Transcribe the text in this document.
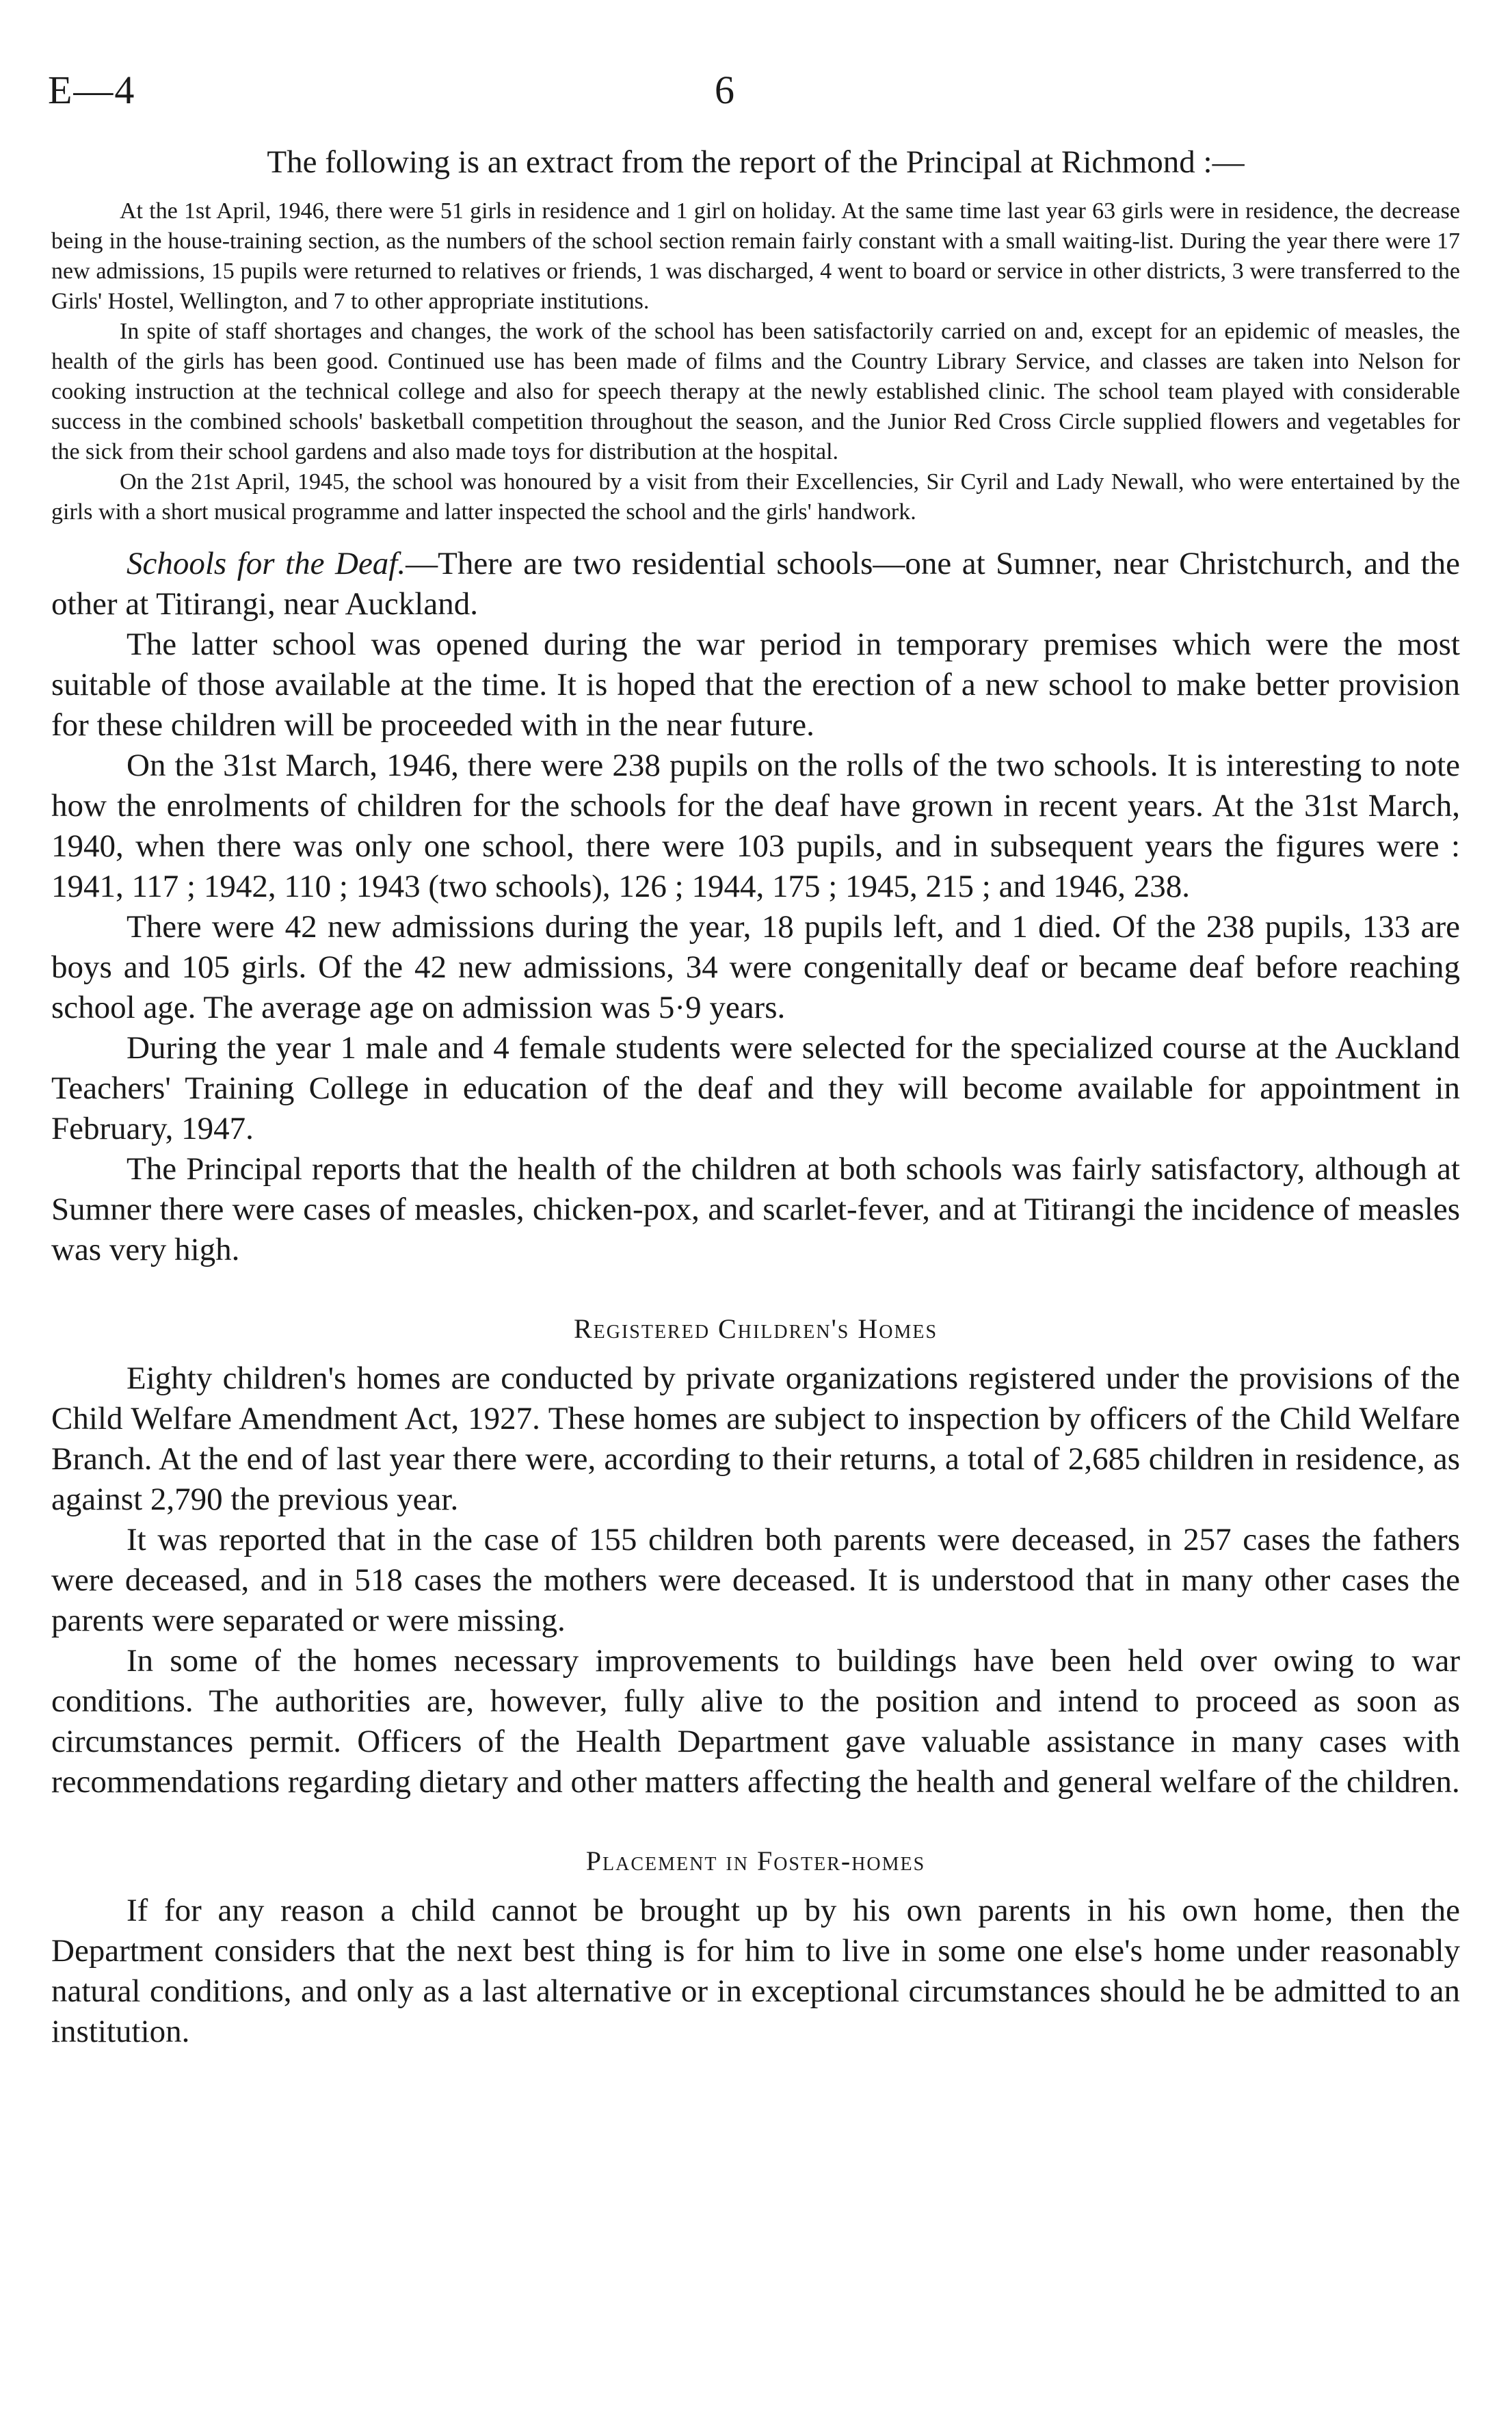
E—4	6

The following is an extract from the report of the Principal at Richmond :—

At the 1st April, 1946, there were 51 girls in residence and 1 girl on holiday. At the same time last year 63 girls were in residence, the decrease being in the house-training section, as the numbers of the school section remain fairly constant with a small waiting-list. During the year there were 17 new admissions, 15 pupils were returned to relatives or friends, 1 was discharged, 4 went to board or service in other districts, 3 were transferred to the Girls' Hostel, Wellington, and 7 to other appropriate institutions.

In spite of staff shortages and changes, the work of the school has been satisfactorily carried on and, except for an epidemic of measles, the health of the girls has been good. Continued use has been made of films and the Country Library Service, and classes are taken into Nelson for cooking instruction at the technical college and also for speech therapy at the newly established clinic. The school team played with considerable success in the combined schools' basketball competition throughout the season, and the Junior Red Cross Circle supplied flowers and vegetables for the sick from their school gardens and also made toys for distribution at the hospital.

On the 21st April, 1945, the school was honoured by a visit from their Excellencies, Sir Cyril and Lady Newall, who were entertained by the girls with a short musical programme and latter inspected the school and the girls' handwork.

Schools for the Deaf.—There are two residential schools—one at Sumner, near Christchurch, and the other at Titirangi, near Auckland.

The latter school was opened during the war period in temporary premises which were the most suitable of those available at the time. It is hoped that the erection of a new school to make better provision for these children will be proceeded with in the near future.

On the 31st March, 1946, there were 238 pupils on the rolls of the two schools. It is interesting to note how the enrolments of children for the schools for the deaf have grown in recent years. At the 31st March, 1940, when there was only one school, there were 103 pupils, and in subsequent years the figures were : 1941, 117 ; 1942, 110 ; 1943 (two schools), 126 ; 1944, 175 ; 1945, 215 ; and 1946, 238.

There were 42 new admissions during the year, 18 pupils left, and 1 died. Of the 238 pupils, 133 are boys and 105 girls. Of the 42 new admissions, 34 were congenitally deaf or became deaf before reaching school age. The average age on admission was 5·9 years.

During the year 1 male and 4 female students were selected for the specialized course at the Auckland Teachers' Training College in education of the deaf and they will become available for appointment in February, 1947.

The Principal reports that the health of the children at both schools was fairly satisfactory, although at Sumner there were cases of measles, chicken-pox, and scarlet-fever, and at Titirangi the incidence of measles was very high.

Registered Children's Homes

Eighty children's homes are conducted by private organizations registered under the provisions of the Child Welfare Amendment Act, 1927. These homes are subject to inspection by officers of the Child Welfare Branch. At the end of last year there were, according to their returns, a total of 2,685 children in residence, as against 2,790 the previous year.

It was reported that in the case of 155 children both parents were deceased, in 257 cases the fathers were deceased, and in 518 cases the mothers were deceased. It is understood that in many other cases the parents were separated or were missing.

In some of the homes necessary improvements to buildings have been held over owing to war conditions. The authorities are, however, fully alive to the position and intend to proceed as soon as circumstances permit. Officers of the Health Department gave valuable assistance in many cases with recommendations regarding dietary and other matters affecting the health and general welfare of the children.

Placement in Foster-homes

If for any reason a child cannot be brought up by his own parents in his own home, then the Department considers that the next best thing is for him to live in some one else's home under reasonably natural conditions, and only as a last alternative or in exceptional circumstances should he be admitted to an institution.
